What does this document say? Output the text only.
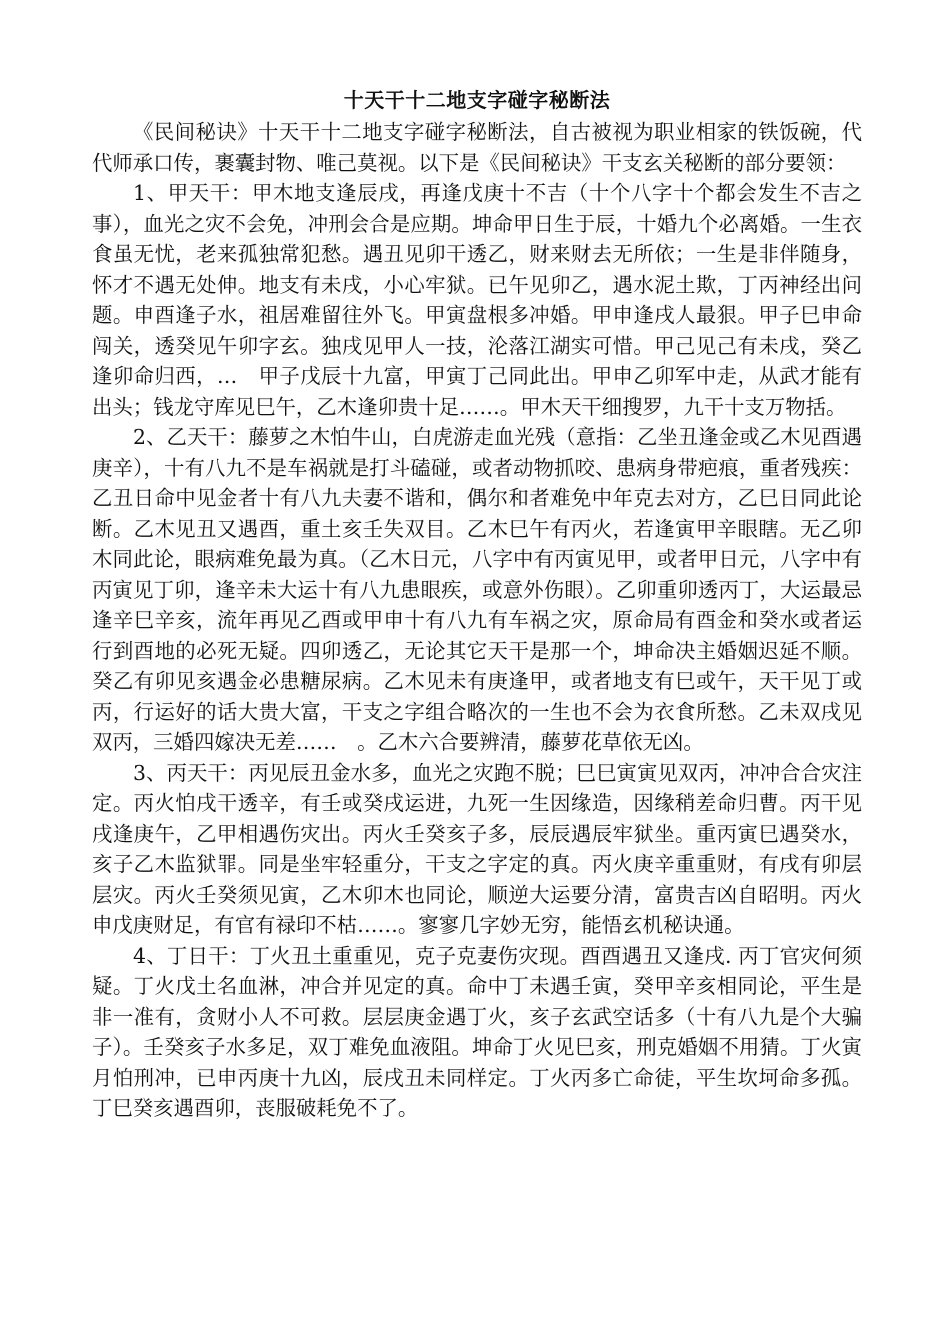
十天干十二地支字碰字秘断法

《民间秘诀》十天干十二地支字碰字秘断法，自古被视为职业相家的铁饭碗，代代师承口传，裹囊封物、唯己莫视。以下是《民间秘诀》干支玄关秘断的部分要领：

1、甲天干：甲木地支逢辰戌，再逢戊庚十不吉（十个八字十个都会发生不吉之事），血光之灾不会免，冲刑会合是应期。坤命甲日生于辰，十婚九个必离婚。一生衣食虽无忧，老来孤独常犯愁。遇丑见卯干透乙，财来财去无所依；一生是非伴随身，怀才不遇无处伸。地支有未戌，小心牢狱。已午见卯乙，遇水泥土欺，丁丙神经出问题。申酉逢子水，祖居难留往外飞。甲寅盘根多冲婚。甲申逢戌人最狠。甲子巳申命闯关，透癸见午卯字玄。独戌见甲人一技，沦落江湖实可惜。甲己见己有未戌，癸乙逢卯命归西，…　甲子戊辰十九富，甲寅丁己同此出。甲申乙卯军中走，从武才能有出头；钱龙守库见巳午，乙木逢卯贵十足……。甲木天干细搜罗，九干十支万物括。

2、乙天干：藤萝之木怕牛山，白虎游走血光残（意指：乙坐丑逢金或乙木见酉遇庚辛），十有八九不是车祸就是打斗磕碰，或者动物抓咬、患病身带疤痕，重者残疾：乙丑日命中见金者十有八九夫妻不谐和，偶尔和者难免中年克去对方，乙巳日同此论断。乙木见丑又遇酉，重土亥壬失双目。乙木巳午有丙火，若逢寅甲辛眼瞎。无乙卯木同此论，眼病难免最为真。（乙木日元，八字中有丙寅见甲，或者甲日元，八字中有丙寅见丁卯，逢辛未大运十有八九患眼疾，或意外伤眼）。乙卯重卯透丙丁，大运最忌逢辛巳辛亥，流年再见乙酉或甲申十有八九有车祸之灾，原命局有酉金和癸水或者运行到酉地的必死无疑。四卯透乙，无论其它天干是那一个，坤命决主婚姻迟延不顺。癸乙有卯见亥遇金必患糖尿病。乙木见未有庚逢甲，或者地支有巳或午，天干见丁或丙，行运好的话大贵大富，干支之字组合略次的一生也不会为衣食所愁。乙未双戌见双丙，三婚四嫁决无差……　。乙木六合要辨清，藤萝花草依无凶。

3、丙天干：丙见辰丑金水多，血光之灾跑不脱；巳巳寅寅见双丙，冲冲合合灾注定。丙火怕戌干透辛，有壬或癸戌运进，九死一生因缘造，因缘稍差命归曹。丙干见戌逢庚午，乙甲相遇伤灾出。丙火壬癸亥子多，辰辰遇辰牢狱坐。重丙寅巳遇癸水，亥子乙木监狱罪。同是坐牢轻重分，干支之字定的真。丙火庚辛重重财，有戌有卯层层灾。丙火壬癸须见寅，乙木卯木也同论，顺逆大运要分清，富贵吉凶自昭明。丙火申戊庚财足，有官有禄印不枯……。寥寥几字妙无穷，能悟玄机秘诀通。

4、丁日干：丁火丑土重重见，克子克妻伤灾现。酉酉遇丑又逢戌. 丙丁官灾何须疑。丁火戊土名血淋，冲合并见定的真。命中丁未遇壬寅，癸甲辛亥相同论，平生是非一准有，贪财小人不可救。层层庚金遇丁火，亥子玄武空话多（十有八九是个大骗子）。壬癸亥子水多足，双丁难免血液阻。坤命丁火见巳亥，刑克婚姻不用猜。丁火寅月怕刑冲，已申丙庚十九凶，辰戌丑未同样定。丁火丙多亡命徒，平生坎坷命多孤。丁巳癸亥遇酉卯，丧服破耗免不了。
